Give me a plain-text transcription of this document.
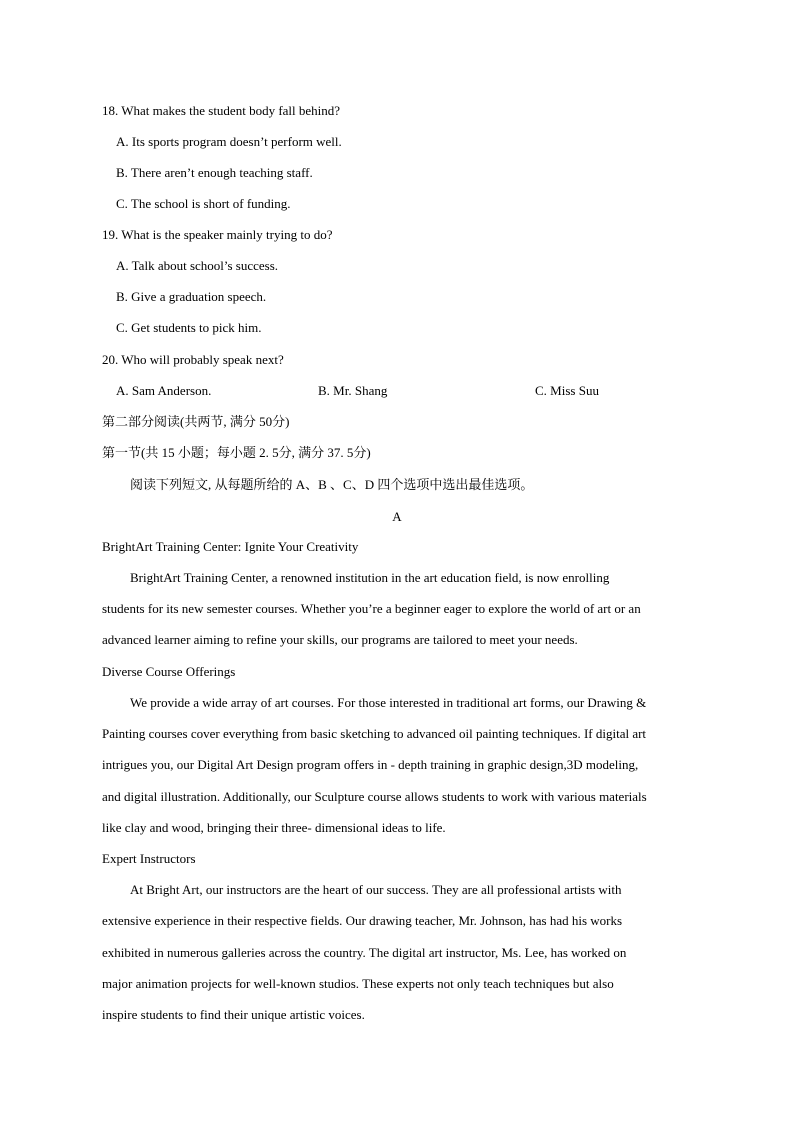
18. What makes the student body fall behind?
A. Its sports program doesn’t perform well.
B. There aren’t enough teaching staff.
C. The school is short of funding.
19. What is the speaker mainly trying to do?
A. Talk about school’s success.
B. Give a graduation speech.
C. Get students to pick him.
20. Who will probably speak next?
A. Sam Anderson.	B. Mr. Shang	C. Miss Suu
第二部分阅读(共两节, 满分 50分)
第一节(共 15 小题；每小题 2. 5分, 满分 37. 5分)
阅读下列短文, 从每题所给的 A、B 、C、D 四个选项中选出最佳选项。
A
BrightArt Training Center: Ignite Your Creativity
BrightArt Training Center, a renowned institution in the art education field, is now enrolling
students for its new semester courses. Whether you’re a beginner eager to explore the world of art or an
advanced learner aiming to refine your skills, our programs are tailored to meet your needs.
Diverse Course Offerings
We provide a wide array of art courses. For those interested in traditional art forms, our Drawing &
Painting courses cover everything from basic sketching to advanced oil painting techniques. If digital art
intrigues you, our Digital Art Design program offers in - depth training in graphic design,3D modeling,
and digital illustration. Additionally, our Sculpture course allows students to work with various materials
like clay and wood, bringing their three- dimensional ideas to life.
Expert Instructors
At Bright Art, our instructors are the heart of our success. They are all professional artists with
extensive experience in their respective fields. Our drawing teacher, Mr. Johnson, has had his works
exhibited in numerous galleries across the country. The digital art instructor, Ms. Lee, has worked on
major animation projects for well-known studios. These experts not only teach techniques but also
inspire students to find their unique artistic voices.
